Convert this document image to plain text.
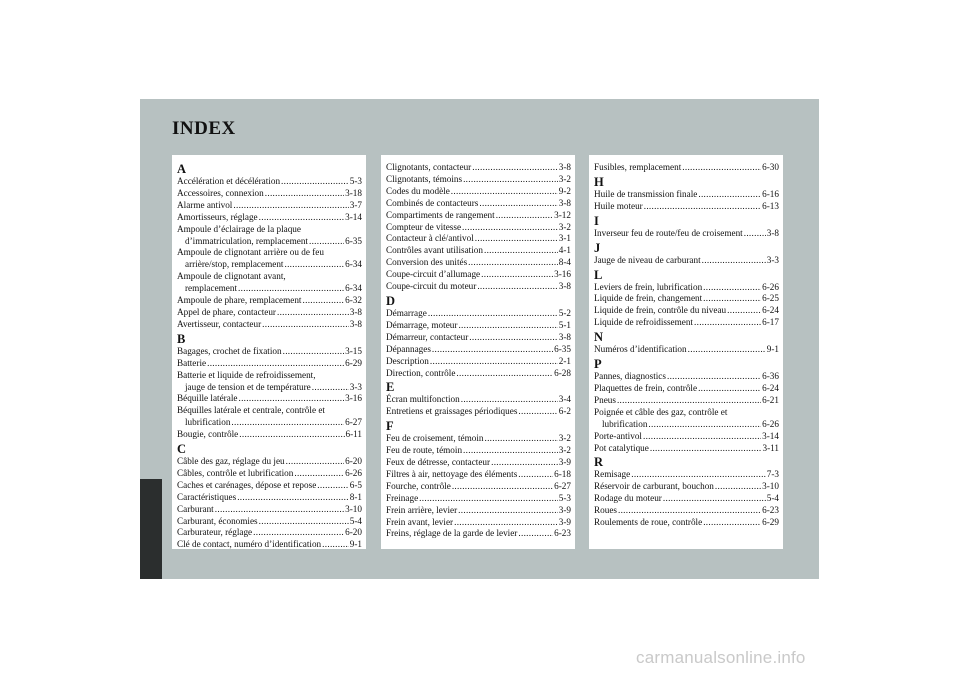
INDEX
A
Accélération et décélération .....	5-3
Accessoires, connexion .....	3-18
Alarme antivol .....	3-7
Amortisseurs, réglage .....	3-14
Ampoule d’éclairage de la plaque
d’immatriculation, remplacement .....	6-35
Ampoule de clignotant arrière ou de feu
arrière/stop, remplacement .....	6-34
Ampoule de clignotant avant,
remplacement .....	6-34
Ampoule de phare, remplacement .....	6-32
Appel de phare, contacteur .....	3-8
Avertisseur, contacteur .....	3-8
B
Bagages, crochet de fixation .....	3-15
Batterie .....	6-29
Batterie et liquide de refroidissement,
jauge de tension et de température .....	3-3
Béquille latérale .....	3-16
Béquilles latérale et centrale, contrôle et
lubrification .....	6-27
Bougie, contrôle .....	6-11
C
Câble des gaz, réglage du jeu .....	6-20
Câbles, contrôle et lubrification .....	6-26
Caches et carénages, dépose et repose .....	6-5
Caractéristiques .....	8-1
Carburant .....	3-10
Carburant, économies .....	5-4
Carburateur, réglage .....	6-20
Clé de contact, numéro d’identification .....	9-1
Clignotants, contacteur .....	3-8
Clignotants, témoins .....	3-2
Codes du modèle .....	9-2
Combinés de contacteurs .....	3-8
Compartiments de rangement .....	3-12
Compteur de vitesse .....	3-2
Contacteur à clé/antivol .....	3-1
Contrôles avant utilisation .....	4-1
Conversion des unités .....	8-4
Coupe-circuit d’allumage .....	3-16
Coupe-circuit du moteur .....	3-8
D
Démarrage .....	5-2
Démarrage, moteur .....	5-1
Démarreur, contacteur .....	3-8
Dépannages .....	6-35
Description .....	2-1
Direction, contrôle .....	6-28
E
Écran multifonction .....	3-4
Entretiens et graissages périodiques .....	6-2
F
Feu de croisement, témoin .....	3-2
Feu de route, témoin .....	3-2
Feux de détresse, contacteur .....	3-9
Filtres à air, nettoyage des éléments .....	6-18
Fourche, contrôle .....	6-27
Freinage .....	5-3
Frein arrière, levier .....	3-9
Frein avant, levier .....	3-9
Freins, réglage de la garde de levier .....	6-23
Fusibles, remplacement .....	6-30
H
Huile de transmission finale .....	6-16
Huile moteur .....	6-13
I
Inverseur feu de route/feu de croisement .....	3-8
J
Jauge de niveau de carburant .....	3-3
L
Leviers de frein, lubrification .....	6-26
Liquide de frein, changement .....	6-25
Liquide de frein, contrôle du niveau .....	6-24
Liquide de refroidissement .....	6-17
N
Numéros d’identification .....	9-1
P
Pannes, diagnostics .....	6-36
Plaquettes de frein, contrôle .....	6-24
Pneus .....	6-21
Poignée et câble des gaz, contrôle et
lubrification .....	6-26
Porte-antivol .....	3-14
Pot catalytique .....	3-11
R
Remisage .....	7-3
Réservoir de carburant, bouchon .....	3-10
Rodage du moteur .....	5-4
Roues .....	6-23
Roulements de roue, contrôle .....	6-29
carmanualsonline.info
